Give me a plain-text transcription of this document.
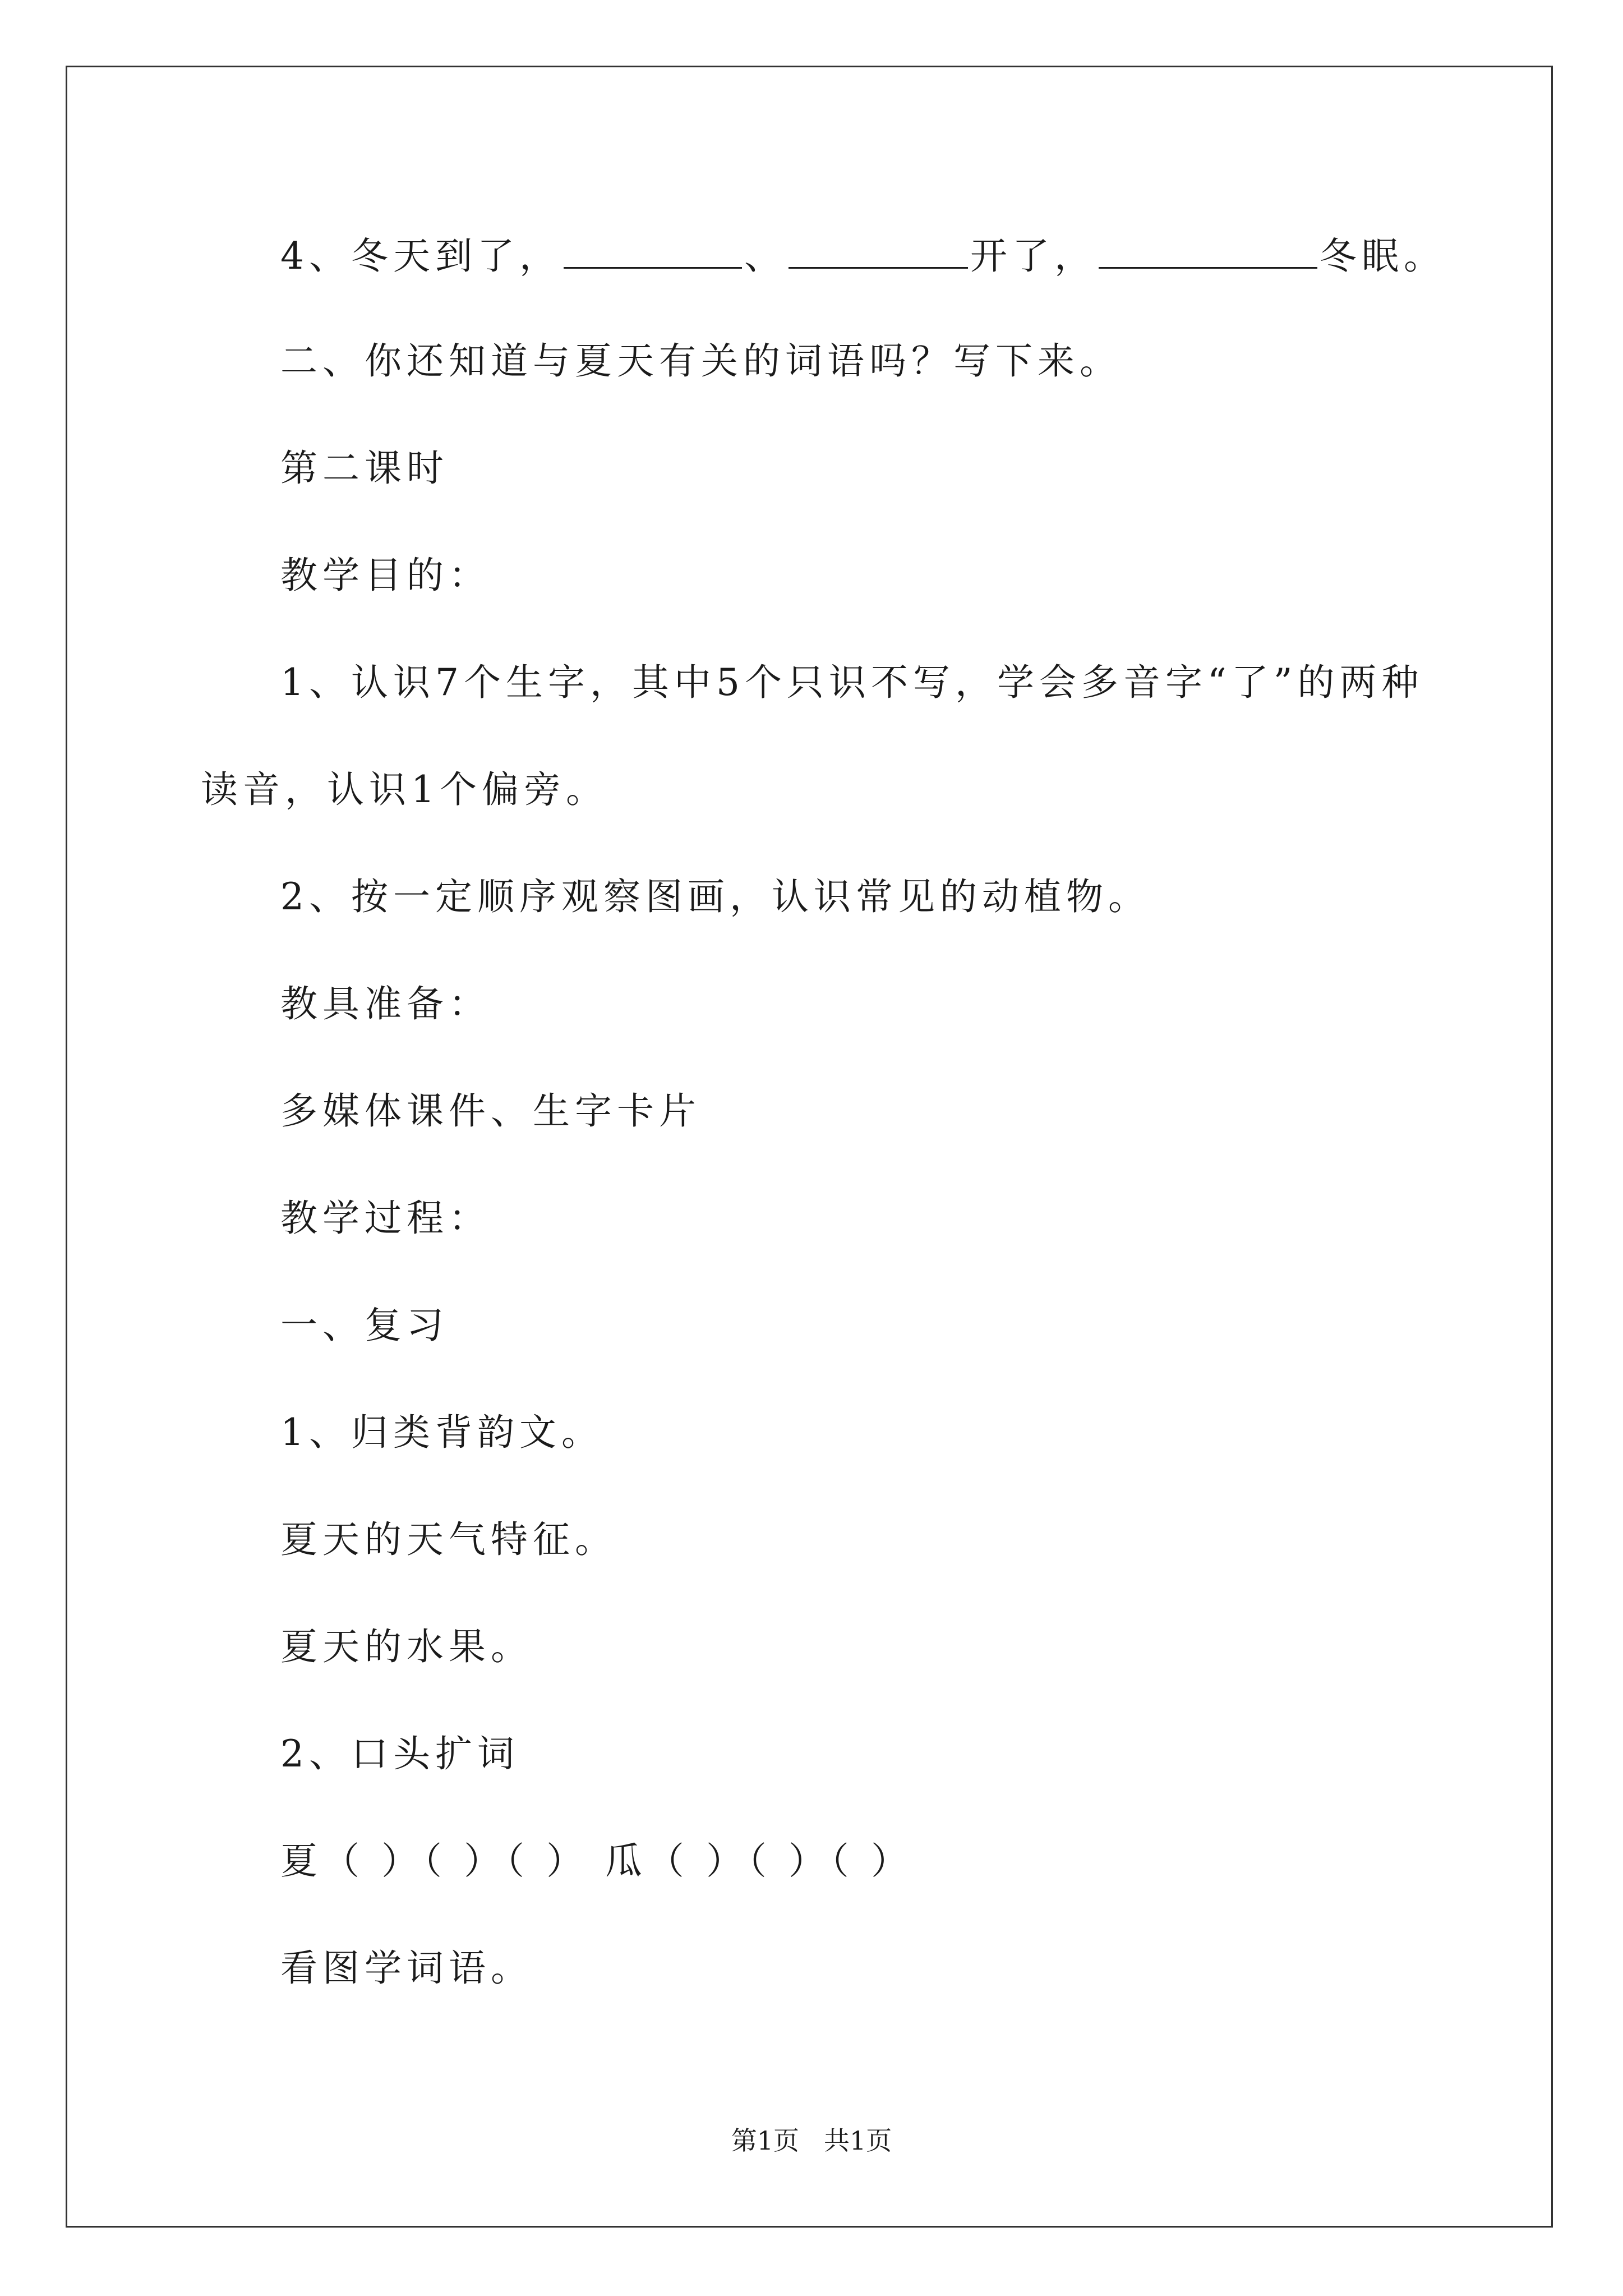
4、冬天到了，	、	开了，	冬眠。
二、你还知道与夏天有关的词语吗？写下来。
第二课时
教学目的：
1、认识7个生字，其中5个只识不写，学会多音字“了”的两种
读音，认识1个偏旁。
2、按一定顺序观察图画，认识常见的动植物。
教具准备：
多媒体课件、生字卡片
教学过程：
一、复习
1、归类背韵文。
夏天的天气特征。
夏天的水果。
2、口头扩词
夏（ ）（ ）（ ） 瓜（ ）（ ）（ ）
看图学词语。
第1页 共1页
